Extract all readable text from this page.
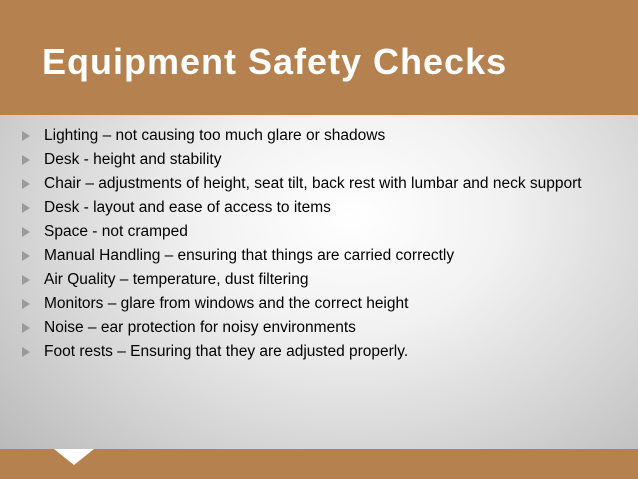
Equipment Safety Checks
Lighting – not causing too much glare or shadows
Desk - height and stability
Chair – adjustments of height, seat tilt, back rest with lumbar and neck support
Desk - layout and ease of access to items
Space - not cramped
Manual Handling – ensuring that things are carried correctly
Air Quality – temperature, dust filtering
Monitors – glare from windows and the correct height
Noise – ear protection for noisy environments
Foot rests – Ensuring that they are adjusted properly.
